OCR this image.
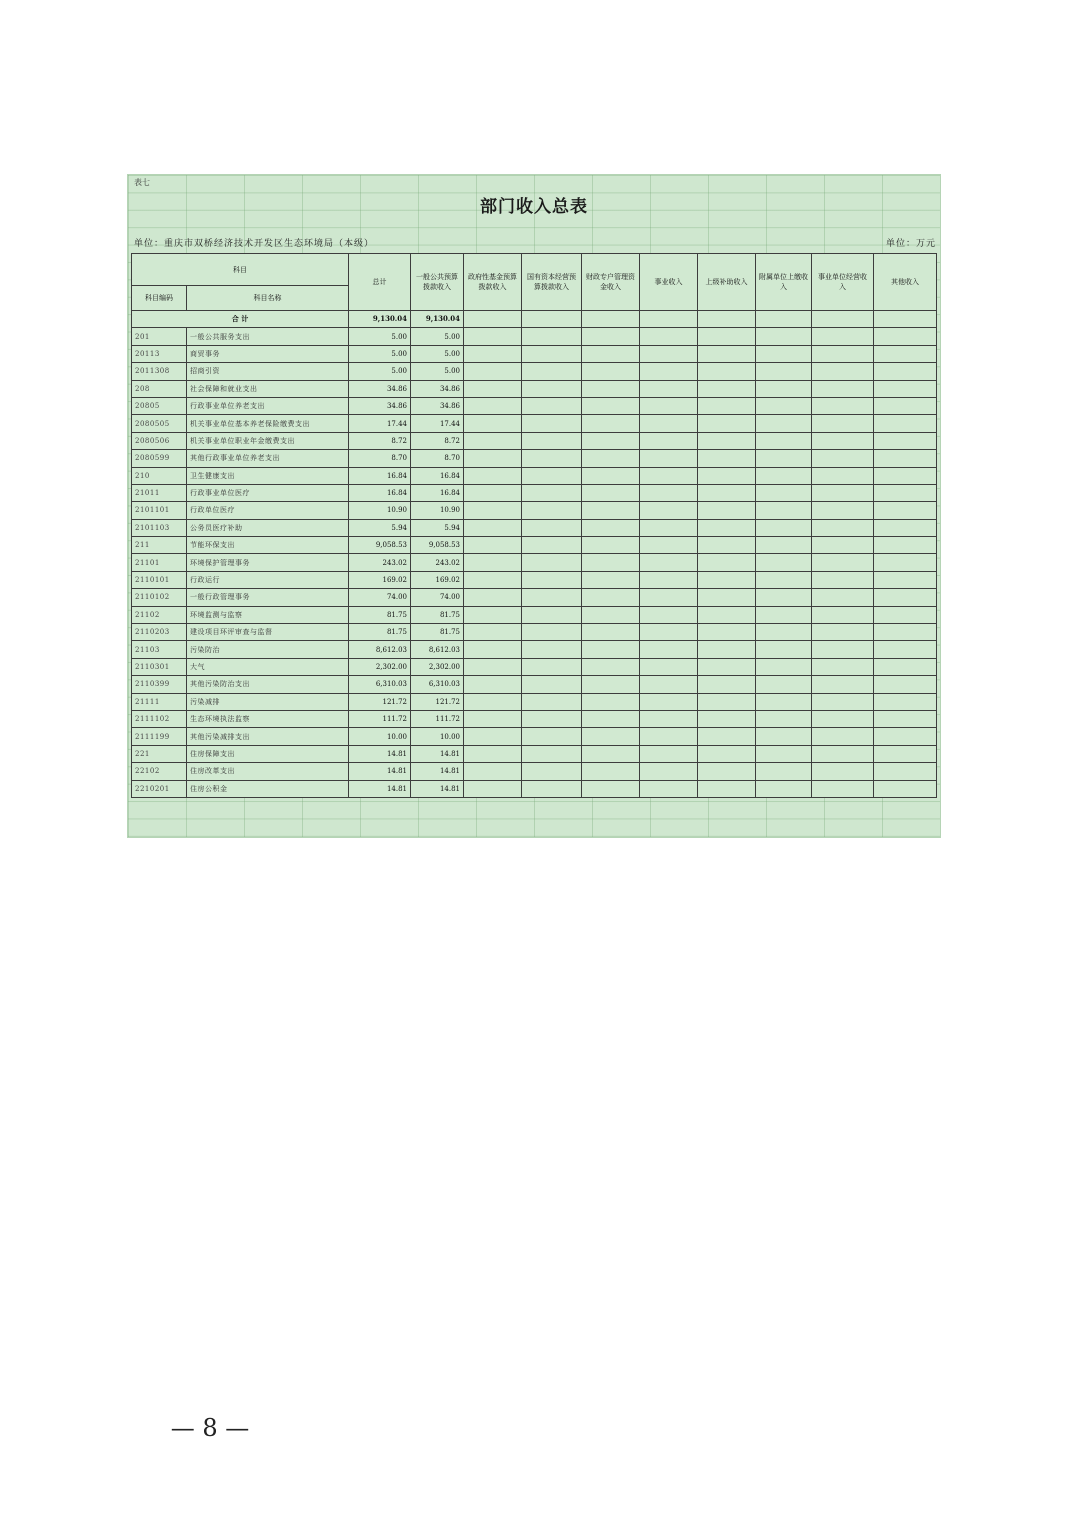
表七
部门收入总表
单位：重庆市双桥经济技术开发区生态环境局（本级）	单位：万元
科目		总计	一般公共预算拨款收入	政府性基金预算拨款收入	国有资本经营预算拨款收入	财政专户管理资金收入	事业收入	上级补助收入	附属单位上缴收入	事业单位经营收入	其他收入
科目编码	科目名称										
合 计		9,130.04	9,130.04								
201	一般公共服务支出	5.00	5.00								
20113	商贸事务	5.00	5.00								
2011308	招商引资	5.00	5.00								
208	社会保障和就业支出	34.86	34.86								
20805	行政事业单位养老支出	34.86	34.86								
2080505	机关事业单位基本养老保险缴费支出	17.44	17.44								
2080506	机关事业单位职业年金缴费支出	8.72	8.72								
2080599	其他行政事业单位养老支出	8.70	8.70								
210	卫生健康支出	16.84	16.84								
21011	行政事业单位医疗	16.84	16.84								
2101101	行政单位医疗	10.90	10.90								
2101103	公务员医疗补助	5.94	5.94								
211	节能环保支出	9,058.53	9,058.53								
21101	环境保护管理事务	243.02	243.02								
2110101	行政运行	169.02	169.02								
2110102	一般行政管理事务	74.00	74.00								
21102	环境监测与监察	81.75	81.75								
2110203	建设项目环评审查与监督	81.75	81.75								
21103	污染防治	8,612.03	8,612.03								
2110301	大气	2,302.00	2,302.00								
2110399	其他污染防治支出	6,310.03	6,310.03								
21111	污染减排	121.72	121.72								
2111102	生态环境执法监察	111.72	111.72								
2111199	其他污染减排支出	10.00	10.00								
221	住房保障支出	14.81	14.81								
22102	住房改革支出	14.81	14.81								
2210201	住房公积金	14.81	14.81								
— 8 —
